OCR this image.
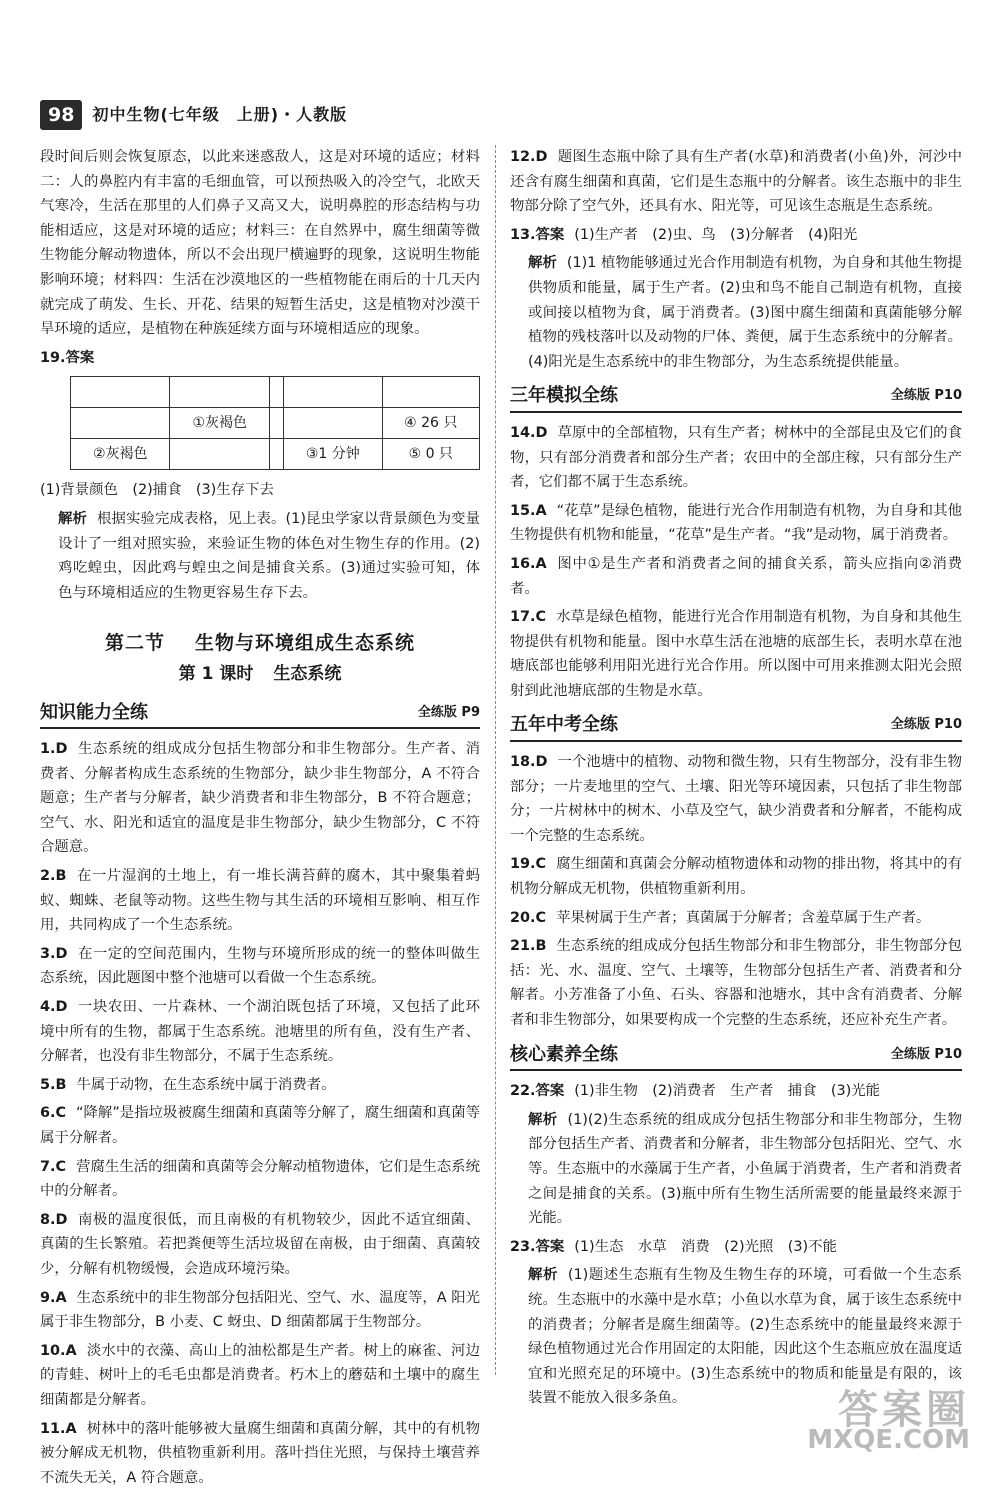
98	初中生物(七年级　上册)・人教版

段时间后则会恢复原态，以此来迷惑敌人，这是对环境的适应；材料二：人的鼻腔内有丰富的毛细血管，可以预热吸入的冷空气，北欧天气寒冷，生活在那里的人们鼻子又高又大，说明鼻腔的形态结构与功能相适应，这是对环境的适应；材料三：在自然界中，腐生细菌等微生物能分解动物遗体，所以不会出现尸横遍野的现象，这说明生物能影响环境；材料四：生活在沙漠地区的一些植物能在雨后的十几天内就完成了萌发、生长、开花、结果的短暂生活史，这是植物对沙漠干旱环境的适应，是植物在种族延续方面与环境相适应的现象。

19.答案

	①灰褐色			④ 26 只
②灰褐色			③1 分钟	⑤ 0 只

(1)背景颜色　(2)捕食　(3)生存下去

解析 根据实验完成表格，见上表。(1)昆虫学家以背景颜色为变量设计了一组对照实验，来验证生物的体色对生物生存的作用。(2)鸡吃蝗虫，因此鸡与蝗虫之间是捕食关系。(3)通过实验可知，体色与环境相适应的生物更容易生存下去。

第二节 生物与环境组成生态系统
第 1 课时 生态系统
知识能力全练	全练版 P9

1.D 生态系统的组成成分包括生物部分和非生物部分。生产者、消费者、分解者构成生态系统的生物部分，缺少非生物部分，A 不符合题意；生产者与分解者，缺少消费者和非生物部分，B 不符合题意；空气、水、阳光和适宜的温度是非生物部分，缺少生物部分，C 不符合题意。

2.B 在一片湿润的土地上，有一堆长满苔藓的腐木，其中聚集着蚂蚁、蜘蛛、老鼠等动物。这些生物与其生活的环境相互影响、相互作用，共同构成了一个生态系统。

3.D 在一定的空间范围内，生物与环境所形成的统一的整体叫做生态系统，因此题图中整个池塘可以看做一个生态系统。

4.D 一块农田、一片森林、一个湖泊既包括了环境，又包括了此环境中所有的生物，都属于生态系统。池塘里的所有鱼，没有生产者、分解者，也没有非生物部分，不属于生态系统。

5.B 牛属于动物，在生态系统中属于消费者。

6.C “降解”是指垃圾被腐生细菌和真菌等分解了，腐生细菌和真菌等属于分解者。

7.C 营腐生生活的细菌和真菌等会分解动植物遗体，它们是生态系统中的分解者。

8.D 南极的温度很低，而且南极的有机物较少，因此不适宜细菌、真菌的生长繁殖。若把粪便等生活垃圾留在南极，由于细菌、真菌较少，分解有机物缓慢，会造成环境污染。

9.A 生态系统中的非生物部分包括阳光、空气、水、温度等，A 阳光属于非生物部分，B 小麦、C 蚜虫、D 细菌都属于生物部分。

10.A 淡水中的衣藻、高山上的油松都是生产者。树上的麻雀、河边的青蛙、树叶上的毛毛虫都是消费者。朽木上的蘑菇和土壤中的腐生细菌都是分解者。

11.A 树林中的落叶能够被大量腐生细菌和真菌分解，其中的有机物被分解成无机物，供植物重新利用。落叶挡住光照，与保持土壤营养不流失无关，A 符合题意。

12.D 题图生态瓶中除了具有生产者(水草)和消费者(小鱼)外，河沙中还含有腐生细菌和真菌，它们是生态瓶中的分解者。该生态瓶中的非生物部分除了空气外，还具有水、阳光等，可见该生态瓶是生态系统。

13.答案 (1)生产者　(2)虫、鸟　(3)分解者　(4)阳光

解析 (1)1 植物能够通过光合作用制造有机物，为自身和其他生物提供物质和能量，属于生产者。(2)虫和鸟不能自己制造有机物，直接或间接以植物为食，属于消费者。(3)图中腐生细菌和真菌能够分解植物的残枝落叶以及动物的尸体、粪便，属于生态系统中的分解者。(4)阳光是生态系统中的非生物部分，为生态系统提供能量。

三年模拟全练	全练版 P10

14.D 草原中的全部植物，只有生产者；树林中的全部昆虫及它们的食物，只有部分消费者和部分生产者；农田中的全部庄稼，只有部分生产者，它们都不属于生态系统。

15.A “花草”是绿色植物，能进行光合作用制造有机物，为自身和其他生物提供有机物和能量，“花草”是生产者。“我”是动物，属于消费者。

16.A 图中①是生产者和消费者之间的捕食关系，箭头应指向②消费者。

17.C 水草是绿色植物，能进行光合作用制造有机物，为自身和其他生物提供有机物和能量。图中水草生活在池塘的底部生长，表明水草在池塘底部也能够利用阳光进行光合作用。所以图中可用来推测太阳光会照射到此池塘底部的生物是水草。

五年中考全练	全练版 P10

18.D 一个池塘中的植物、动物和微生物，只有生物部分，没有非生物部分；一片麦地里的空气、土壤、阳光等环境因素，只包括了非生物部分；一片树林中的树木、小草及空气，缺少消费者和分解者，不能构成一个完整的生态系统。

19.C 腐生细菌和真菌会分解动植物遗体和动物的排出物，将其中的有机物分解成无机物，供植物重新利用。

20.C 苹果树属于生产者；真菌属于分解者；含羞草属于生产者。

21.B 生态系统的组成成分包括生物部分和非生物部分，非生物部分包括：光、水、温度、空气、土壤等，生物部分包括生产者、消费者和分解者。小芳准备了小鱼、石头、容器和池塘水，其中含有消费者、分解者和非生物部分，如果要构成一个完整的生态系统，还应补充生产者。

核心素养全练	全练版 P10

22.答案 (1)非生物　(2)消费者　生产者　捕食　(3)光能

解析 (1)(2)生态系统的组成成分包括生物部分和非生物部分，生物部分包括生产者、消费者和分解者，非生物部分包括阳光、空气、水等。生态瓶中的水藻属于生产者，小鱼属于消费者，生产者和消费者之间是捕食的关系。(3)瓶中所有生物生活所需要的能量最终来源于光能。

23.答案 (1)生态　水草　消费　(2)光照　(3)不能

解析 (1)题述生态瓶有生物及生物生存的环境，可看做一个生态系统。生态瓶中的水藻中是水草；小鱼以水草为食，属于该生态系统中的消费者；分解者是腐生细菌等。(2)生态系统中的能量最终来源于绿色植物通过光合作用固定的太阳能，因此这个生态瓶应放在温度适宜和光照充足的环境中。(3)生态系统中的物质和能量是有限的，该装置不能放入很多条鱼。	答案圈
MXQE.COM
